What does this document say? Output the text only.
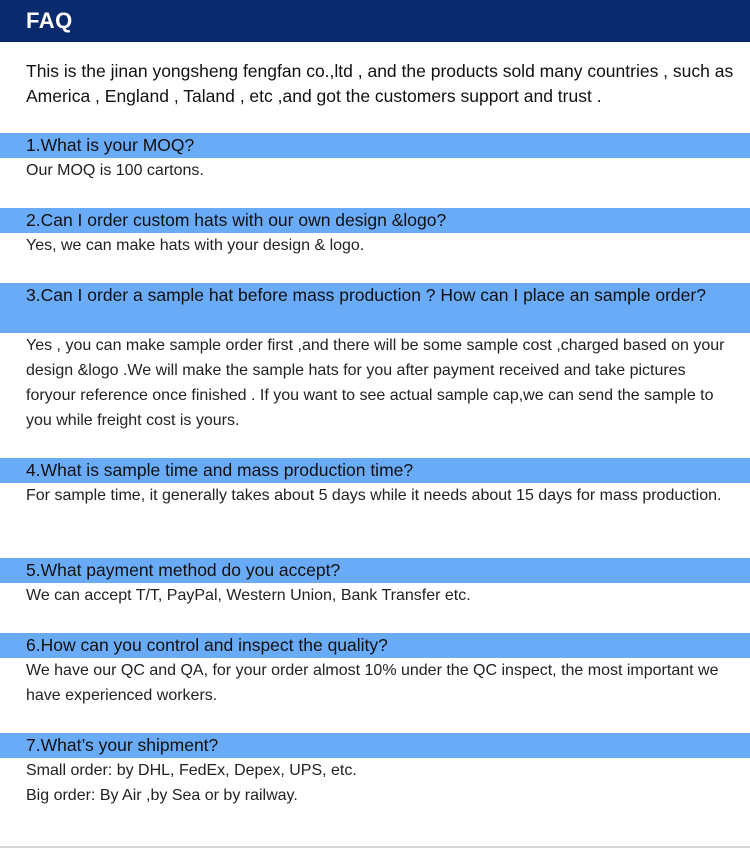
FAQ
This is the jinan yongsheng fengfan co.,ltd , and the products sold many countries , such as America , England , Taland , etc ,and got the customers support and trust .
1.What is your MOQ?
Our MOQ is 100 cartons.
2.Can I order custom hats with our own design &logo?
Yes, we can make hats with your design & logo.
3.Can I order a sample hat before mass production ? How can I place an sample order?
Yes , you can make sample order first ,and there will be some sample cost ,charged based on your design &logo .We will make the sample hats for you after payment received and take pictures foryour reference once finished . If you want to see actual sample cap,we can send the sample to you while freight cost is yours.
4.What is sample time and mass production time?
For sample time, it generally takes about 5 days while it needs about 15 days for mass production.
5.What payment method do you accept?
We can accept T/T, PayPal, Western Union, Bank Transfer etc.
6.How can you control and inspect the quality?
We have our QC and QA, for your order almost 10% under the QC inspect, the most important we have experienced workers.
7.What’s your shipment?
Small order: by DHL, FedEx, Depex, UPS, etc.
Big order: By Air ,by Sea or by railway.
